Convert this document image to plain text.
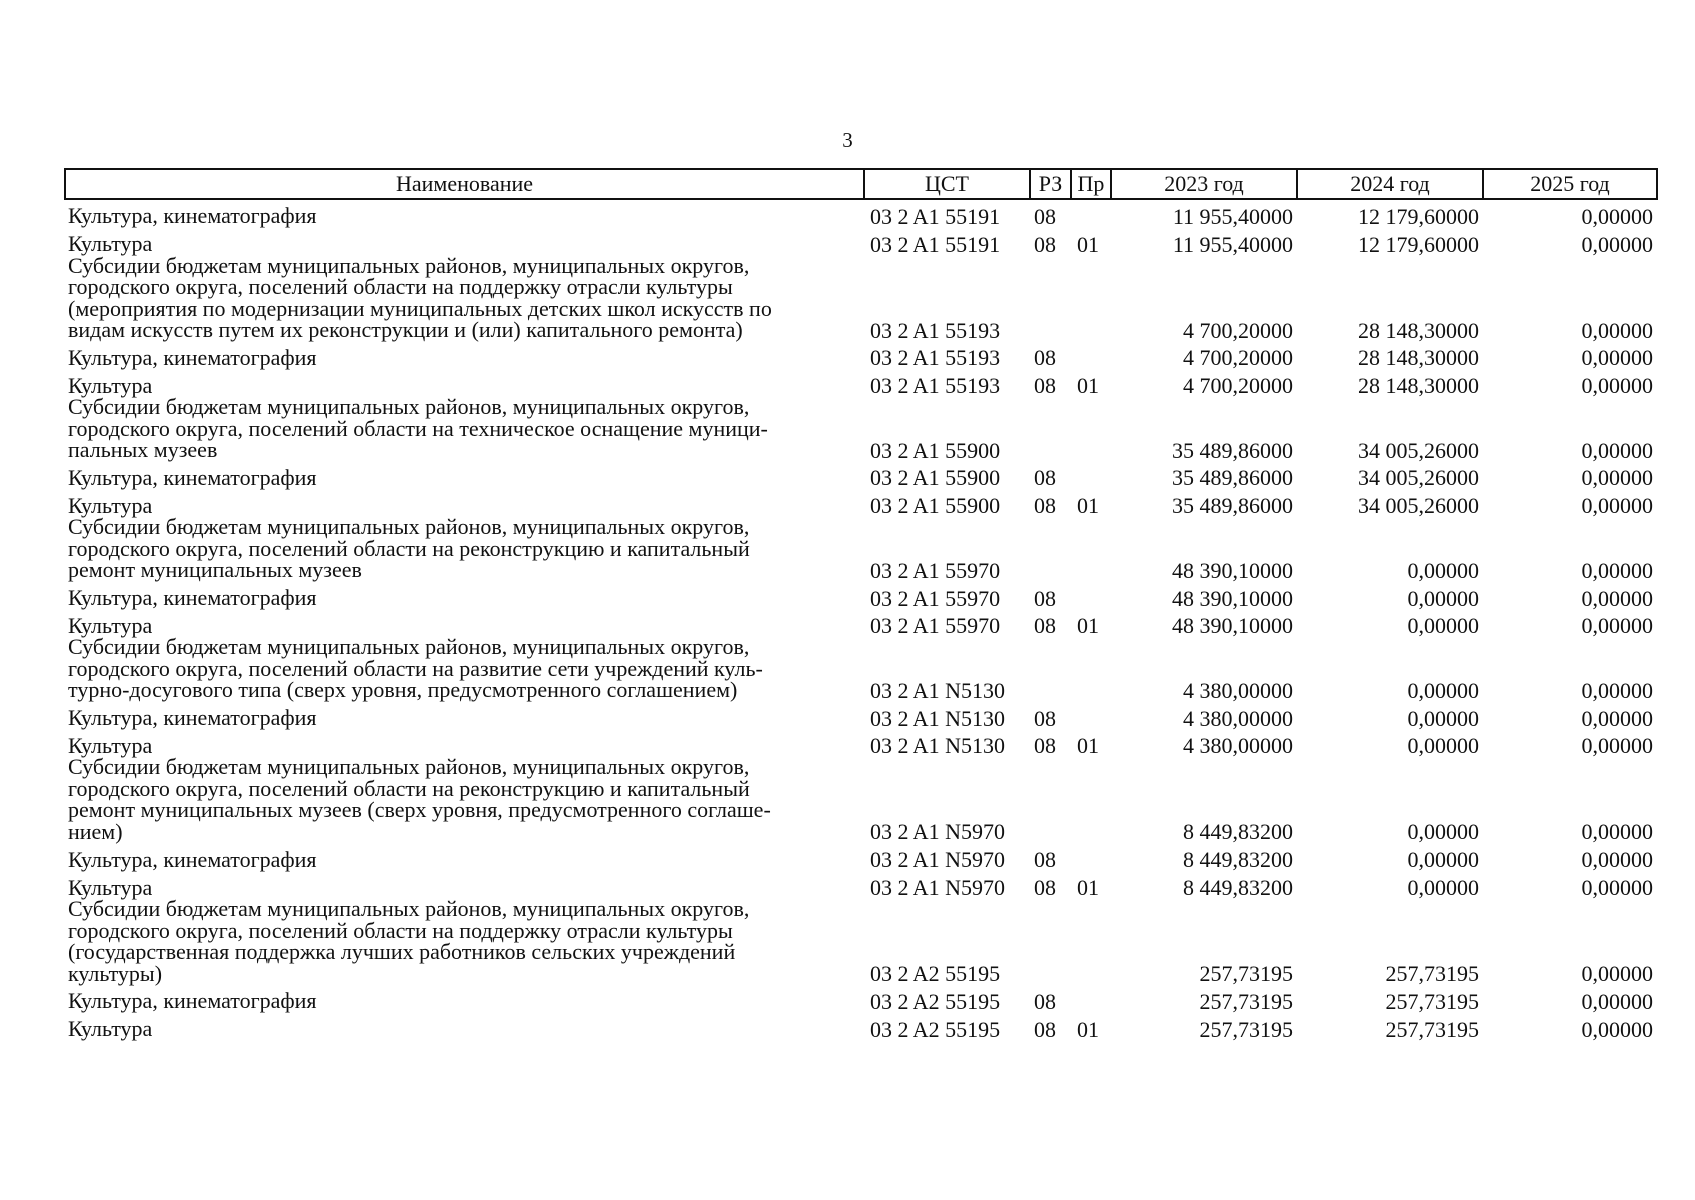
3
Наименование	ЦСТ	РЗ	Пр	2023 год	2024 год	2025 год
Культура, кинематография	03 2 A1 55191	08		11 955,40000	12 179,60000	0,00000
Культура	03 2 A1 55191	08	01	11 955,40000	12 179,60000	0,00000
Субсидии бюджетам муниципальных районов, муниципальных округов,
городского округа, поселений области на поддержку отрасли культуры
(мероприятия по модернизации муниципальных детских школ искусств по
видам искусств путем их реконструкции и (или) капитального ремонта)	03 2 A1 55193			4 700,20000	28 148,30000	0,00000
Культура, кинематография	03 2 A1 55193	08		4 700,20000	28 148,30000	0,00000
Культура	03 2 A1 55193	08	01	4 700,20000	28 148,30000	0,00000
Субсидии бюджетам муниципальных районов, муниципальных округов,
городского округа, поселений области на техническое оснащение муници-
пальных музеев	03 2 A1 55900			35 489,86000	34 005,26000	0,00000
Культура, кинематография	03 2 A1 55900	08		35 489,86000	34 005,26000	0,00000
Культура	03 2 A1 55900	08	01	35 489,86000	34 005,26000	0,00000
Субсидии бюджетам муниципальных районов, муниципальных округов,
городского округа, поселений области на реконструкцию и капитальный
ремонт муниципальных музеев	03 2 A1 55970			48 390,10000	0,00000	0,00000
Культура, кинематография	03 2 A1 55970	08		48 390,10000	0,00000	0,00000
Культура	03 2 A1 55970	08	01	48 390,10000	0,00000	0,00000
Субсидии бюджетам муниципальных районов, муниципальных округов,
городского округа, поселений области на развитие сети учреждений куль-
турно-досугового типа (сверх уровня, предусмотренного соглашением)	03 2 A1 N5130			4 380,00000	0,00000	0,00000
Культура, кинематография	03 2 A1 N5130	08		4 380,00000	0,00000	0,00000
Культура	03 2 A1 N5130	08	01	4 380,00000	0,00000	0,00000
Субсидии бюджетам муниципальных районов, муниципальных округов,
городского округа, поселений области на реконструкцию и капитальный
ремонт муниципальных музеев (сверх уровня, предусмотренного соглаше-
нием)	03 2 A1 N5970			8 449,83200	0,00000	0,00000
Культура, кинематография	03 2 A1 N5970	08		8 449,83200	0,00000	0,00000
Культура	03 2 A1 N5970	08	01	8 449,83200	0,00000	0,00000
Субсидии бюджетам муниципальных районов, муниципальных округов,
городского округа, поселений области на поддержку отрасли культуры
(государственная поддержка лучших работников сельских учреждений
культуры)	03 2 A2 55195			257,73195	257,73195	0,00000
Культура, кинематография	03 2 A2 55195	08		257,73195	257,73195	0,00000
Культура	03 2 A2 55195	08	01	257,73195	257,73195	0,00000
